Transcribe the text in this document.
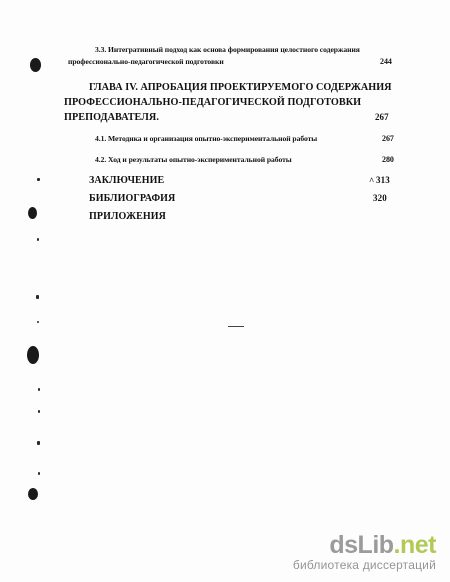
3.3. Интегративный подход как основа формирования целостного содержания
профессионально-педагогической подготовки	244
ГЛАВА IV. АПРОБАЦИЯ ПРОЕКТИРУЕМОГО СОДЕРЖАНИЯ
ПРОФЕССИОНАЛЬНО-ПЕДАГОГИЧЕСКОЙ ПОДГОТОВКИ
ПРЕПОДАВАТЕЛЯ.	267
4.1. Методика и организация опытно-экспериментальной работы	267
4.2. Ход и результаты опытно-экспериментальной работы	280
ЗАКЛЮЧЕНИЕ	^ 313
БИБЛИОГРАФИЯ	320
ПРИЛОЖЕНИЯ
dsLib.net
библиотека диссертаций
